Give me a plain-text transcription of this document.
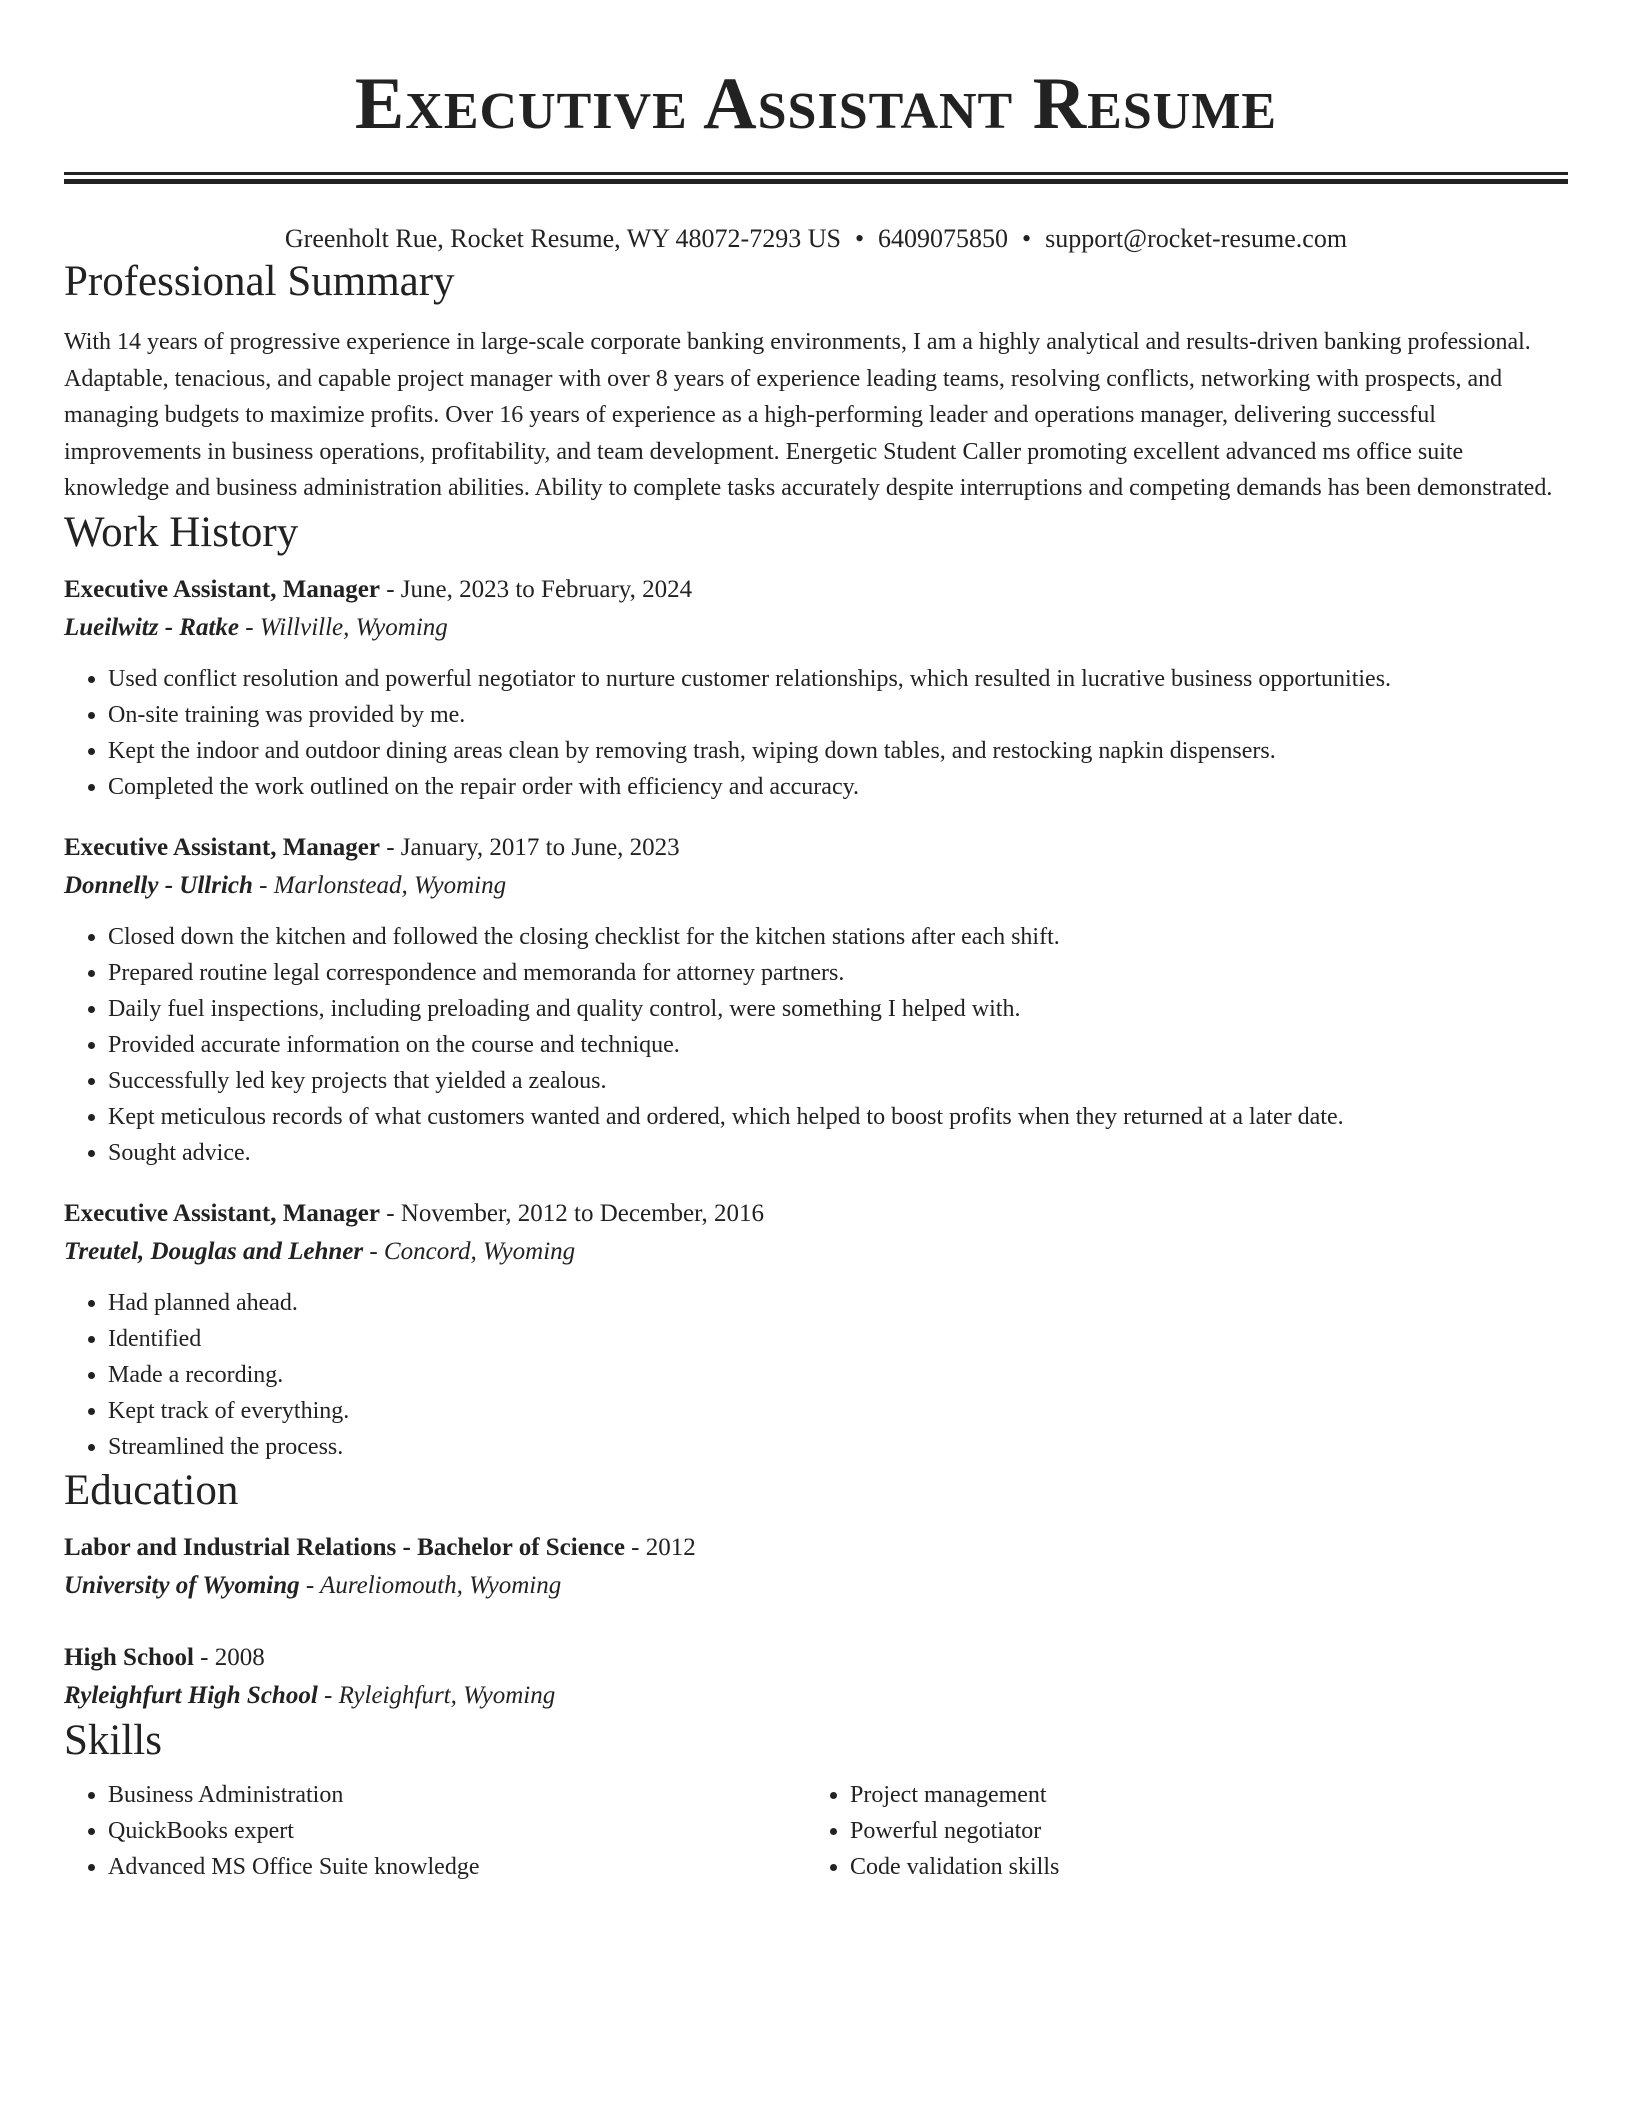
Executive Assistant Resume
Greenholt Rue, Rocket Resume, WY 48072-7293 US • 6409075850 • support@rocket-resume.com
Professional Summary

With 14 years of progressive experience in large-scale corporate banking environments, I am a highly analytical and results-driven banking professional. Adaptable, tenacious, and capable project manager with over 8 years of experience leading teams, resolving conflicts, networking with prospects, and managing budgets to maximize profits. Over 16 years of experience as a high-performing leader and operations manager, delivering successful improvements in business operations, profitability, and team development. Energetic Student Caller promoting excellent advanced ms office suite knowledge and business administration abilities. Ability to complete tasks accurately despite interruptions and competing demands has been demonstrated.

Work History
Executive Assistant, Manager - June, 2023 to February, 2024
Lueilwitz - Ratke - Willville, Wyoming
• Used conflict resolution and powerful negotiator to nurture customer relationships, which resulted in lucrative business opportunities.
• On-site training was provided by me.
• Kept the indoor and outdoor dining areas clean by removing trash, wiping down tables, and restocking napkin dispensers.
• Completed the work outlined on the repair order with efficiency and accuracy.
Executive Assistant, Manager - January, 2017 to June, 2023
Donnelly - Ullrich - Marlonstead, Wyoming
• Closed down the kitchen and followed the closing checklist for the kitchen stations after each shift.
• Prepared routine legal correspondence and memoranda for attorney partners.
• Daily fuel inspections, including preloading and quality control, were something I helped with.
• Provided accurate information on the course and technique.
• Successfully led key projects that yielded a zealous.
• Kept meticulous records of what customers wanted and ordered, which helped to boost profits when they returned at a later date.
• Sought advice.
Executive Assistant, Manager - November, 2012 to December, 2016
Treutel, Douglas and Lehner - Concord, Wyoming
• Had planned ahead.
• Identified
• Made a recording.
• Kept track of everything.
• Streamlined the process.
Education
Labor and Industrial Relations - Bachelor of Science - 2012
University of Wyoming - Aureliomouth, Wyoming
High School - 2008
Ryleighfurt High School - Ryleighfurt, Wyoming
Skills
• Business Administration
• QuickBooks expert
• Advanced MS Office Suite knowledge
• Project management
• Powerful negotiator
• Code validation skills
